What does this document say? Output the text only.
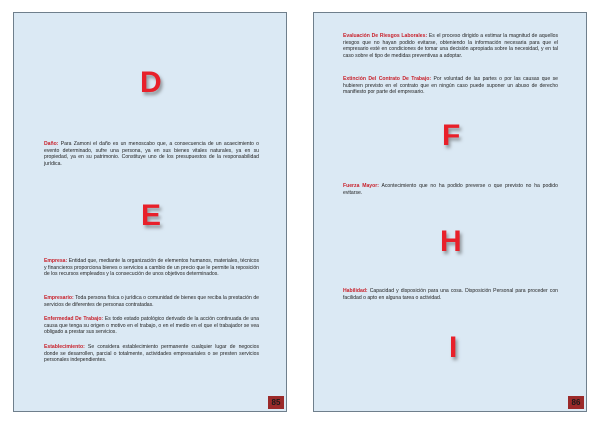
D

Daño: Para Zamoni el daño es un menoscabo que, a consecuencia de un acaecimiento o evento determinado, sufre una persona, ya en sus bienes vitales naturales, ya en su propiedad, ya en su patrimonio. Constituye uno de los presupuestos de la responsabilidad jurídica.

E

Empresa: Entidad que, mediante la organización de elementos humanos, materiales, técnicos y financieros proporciona bienes o servicios a cambio de un precio que le permite la reposición de los recursos empleados y la consecución de unos objetivos determinados.

Empresario: Toda persona física o jurídica o comunidad de bienes que reciba la prestación de servicios de diferentes de personas contratadas.

Enfermedad De Trabajo: Es todo estado patológico derivado de la acción continuada de una causa que tenga su origen o motivo en el trabajo, o en el medio en el que el trabajador se vea obligado a prestar sus servicios.

Establecimiento: Se considera establecimiento permanente cualquier lugar de negocios donde se desarrollen, parcial o totalmente, actividades empresariales o se presten servicios personales independientes.

85

Evaluación De Riesgos Laborales: Es el proceso dirigido a estimar la magnitud de aquellos riesgos que no hayan podido evitarse, obteniendo la información necesaria para que el empresario esté en condiciones de tomar una decisión apropiada sobre la necesidad, y en tal caso sobre el tipo de medidas preventivas a adoptar.

Extinción Del Contrato De Trabajo: Por voluntad de las partes o por las causas que se hubieren previsto en el contrato que en ningún caso puede suponer un abuso de derecho manifiesto por parte del empresario.

F

Fuerza Mayor: Acontecimiento que no ha podido preverse o que previsto no ha podido evitarse.

H

Habilidad: Capacidad y disposición para una cosa. Disposición Personal para proceder con facilidad o apto en alguna tarea o actividad.

I
86
